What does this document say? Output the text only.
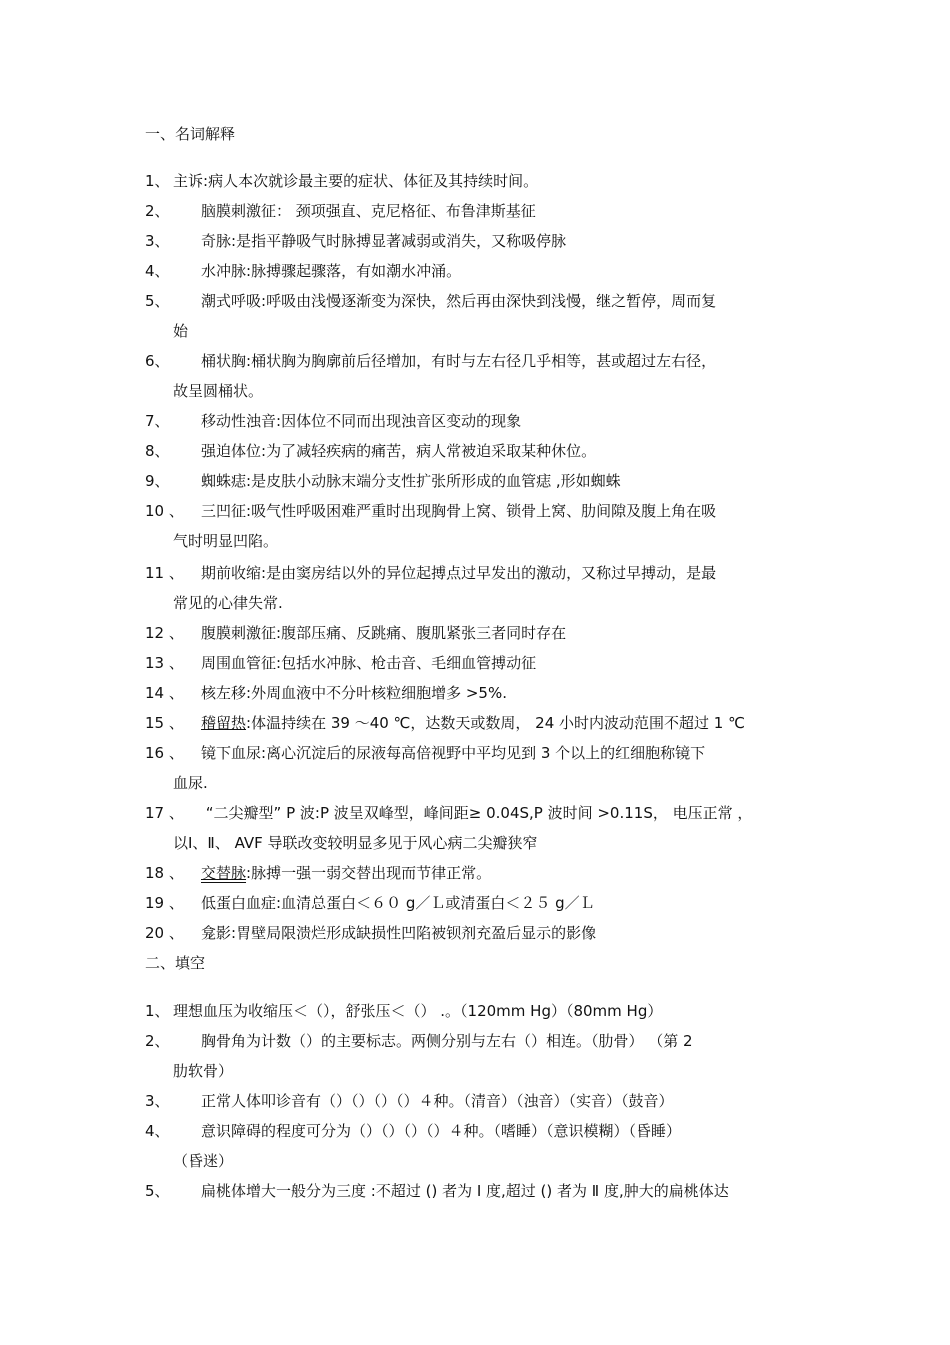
一、名词解释
1、 主诉:病人本次就诊最主要的症状、体征及其持续时间。
2、 脑膜刺激征： 颈项强直、克尼格征、布鲁津斯基征
3、 奇脉:是指平静吸气时脉搏显著减弱或消失，又称吸停脉
4、 水冲脉:脉搏骤起骤落，有如潮水冲涌。
5、 潮式呼吸:呼吸由浅慢逐渐变为深快，然后再由深快到浅慢，继之暂停，周而复
始
6、 桶状胸:桶状胸为胸廓前后径增加，有时与左右径几乎相等，甚或超过左右径，
故呈圆桶状。
7、 移动性浊音:因体位不同而出现浊音区变动的现象
8、 强迫体位:为了减轻疾病的痛苦，病人常被迫采取某种休位。
9、 蜘蛛痣:是皮肤小动脉末端分支性扩张所形成的血管痣 ,形如蜘蛛
10 、 三凹征:吸气性呼吸困难严重时出现胸骨上窝、锁骨上窝、肋间隙及腹上角在吸
气时明显凹陷。
11 、 期前收缩:是由窦房结以外的异位起搏点过早发出的激动，又称过早搏动，是最
常见的心律失常.
12 、 腹膜刺激征:腹部压痛、反跳痛、腹肌紧张三者同时存在
13 、 周围血管征:包括水冲脉、枪击音、毛细血管搏动征
14 、 核左移:外周血液中不分叶核粒细胞增多 >5%.
15 、 稽留热:体温持续在 39 ～40 ℃，达数天或数周， 24 小时内波动范围不超过 1 ℃
16 、 镜下血尿:离心沉淀后的尿液每高倍视野中平均见到 3 个以上的红细胞称镜下
血尿.
17 、 “二尖瓣型” P 波:P 波呈双峰型，峰间距≥ 0.04S,P 波时间 >0.11S， 电压正常 ，
以Ⅰ、Ⅱ、 AVF 导联改变较明显多见于风心病二尖瓣狭窄
18 、 交替脉:脉搏一强一弱交替出现而节律正常。
19 、 低蛋白血症:血清总蛋白＜６０ g／Ｌ或清蛋白＜２５ g／Ｌ
20 、 龛影:胃壁局限溃烂形成缺损性凹陷被钡剂充盈后显示的影像
二、填空
1、 理想血压为收缩压＜（），舒张压＜（） .。（120mm Hg）（80mm Hg）
2、 胸骨角为计数（）的主要标志。两侧分别与左右（）相连。（肋骨） （第 2
肋软骨）
3、 正常人体叩诊音有（）（）（）（）４种。（清音）（浊音）（实音）（鼓音）
4、 意识障碍的程度可分为（）（）（）（）４种。（嗜睡）（意识模糊）（昏睡）
（昏迷）
5、 扁桃体增大一般分为三度 :不超过 () 者为 Ⅰ 度,超过 () 者为 Ⅱ 度,肿大的扁桃体达
